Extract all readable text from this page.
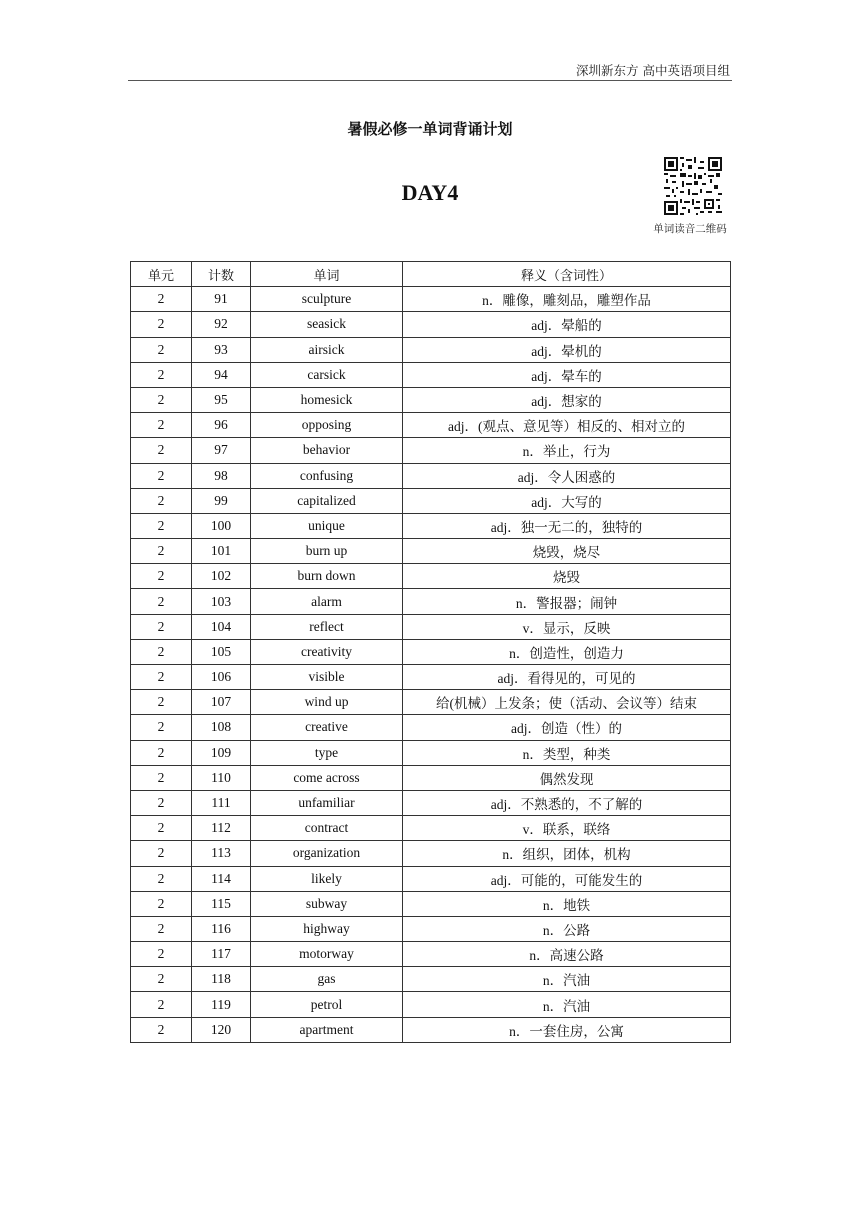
深圳新东方 高中英语项目组
暑假必修一单词背诵计划
DAY4
单词读音二维码
单元	计数	单词	释义（含词性）
2	91	sculpture	n．雕像，雕刻品，雕塑作品
2	92	seasick	adj．晕船的
2	93	airsick	adj．晕机的
2	94	carsick	adj．晕车的
2	95	homesick	adj．想家的
2	96	opposing	adj．(观点、意见等）相反的、相对立的
2	97	behavior	n．举止，行为
2	98	confusing	adj．令人困惑的
2	99	capitalized	adj．大写的
2	100	unique	adj．独一无二的，独特的
2	101	burn up	烧毁，烧尽
2	102	burn down	烧毁
2	103	alarm	n．警报器；闹钟
2	104	reflect	v．显示，反映
2	105	creativity	n．创造性，创造力
2	106	visible	adj．看得见的，可见的
2	107	wind up	给(机械）上发条；使（活动、会议等）结束
2	108	creative	adj．创造（性）的
2	109	type	n．类型，种类
2	110	come across	偶然发现
2	111	unfamiliar	adj．不熟悉的，不了解的
2	112	contract	v．联系，联络
2	113	organization	n．组织，团体，机构
2	114	likely	adj．可能的，可能发生的
2	115	subway	n．地铁
2	116	highway	n．公路
2	117	motorway	n．高速公路
2	118	gas	n．汽油
2	119	petrol	n．汽油
2	120	apartment	n．一套住房，公寓
